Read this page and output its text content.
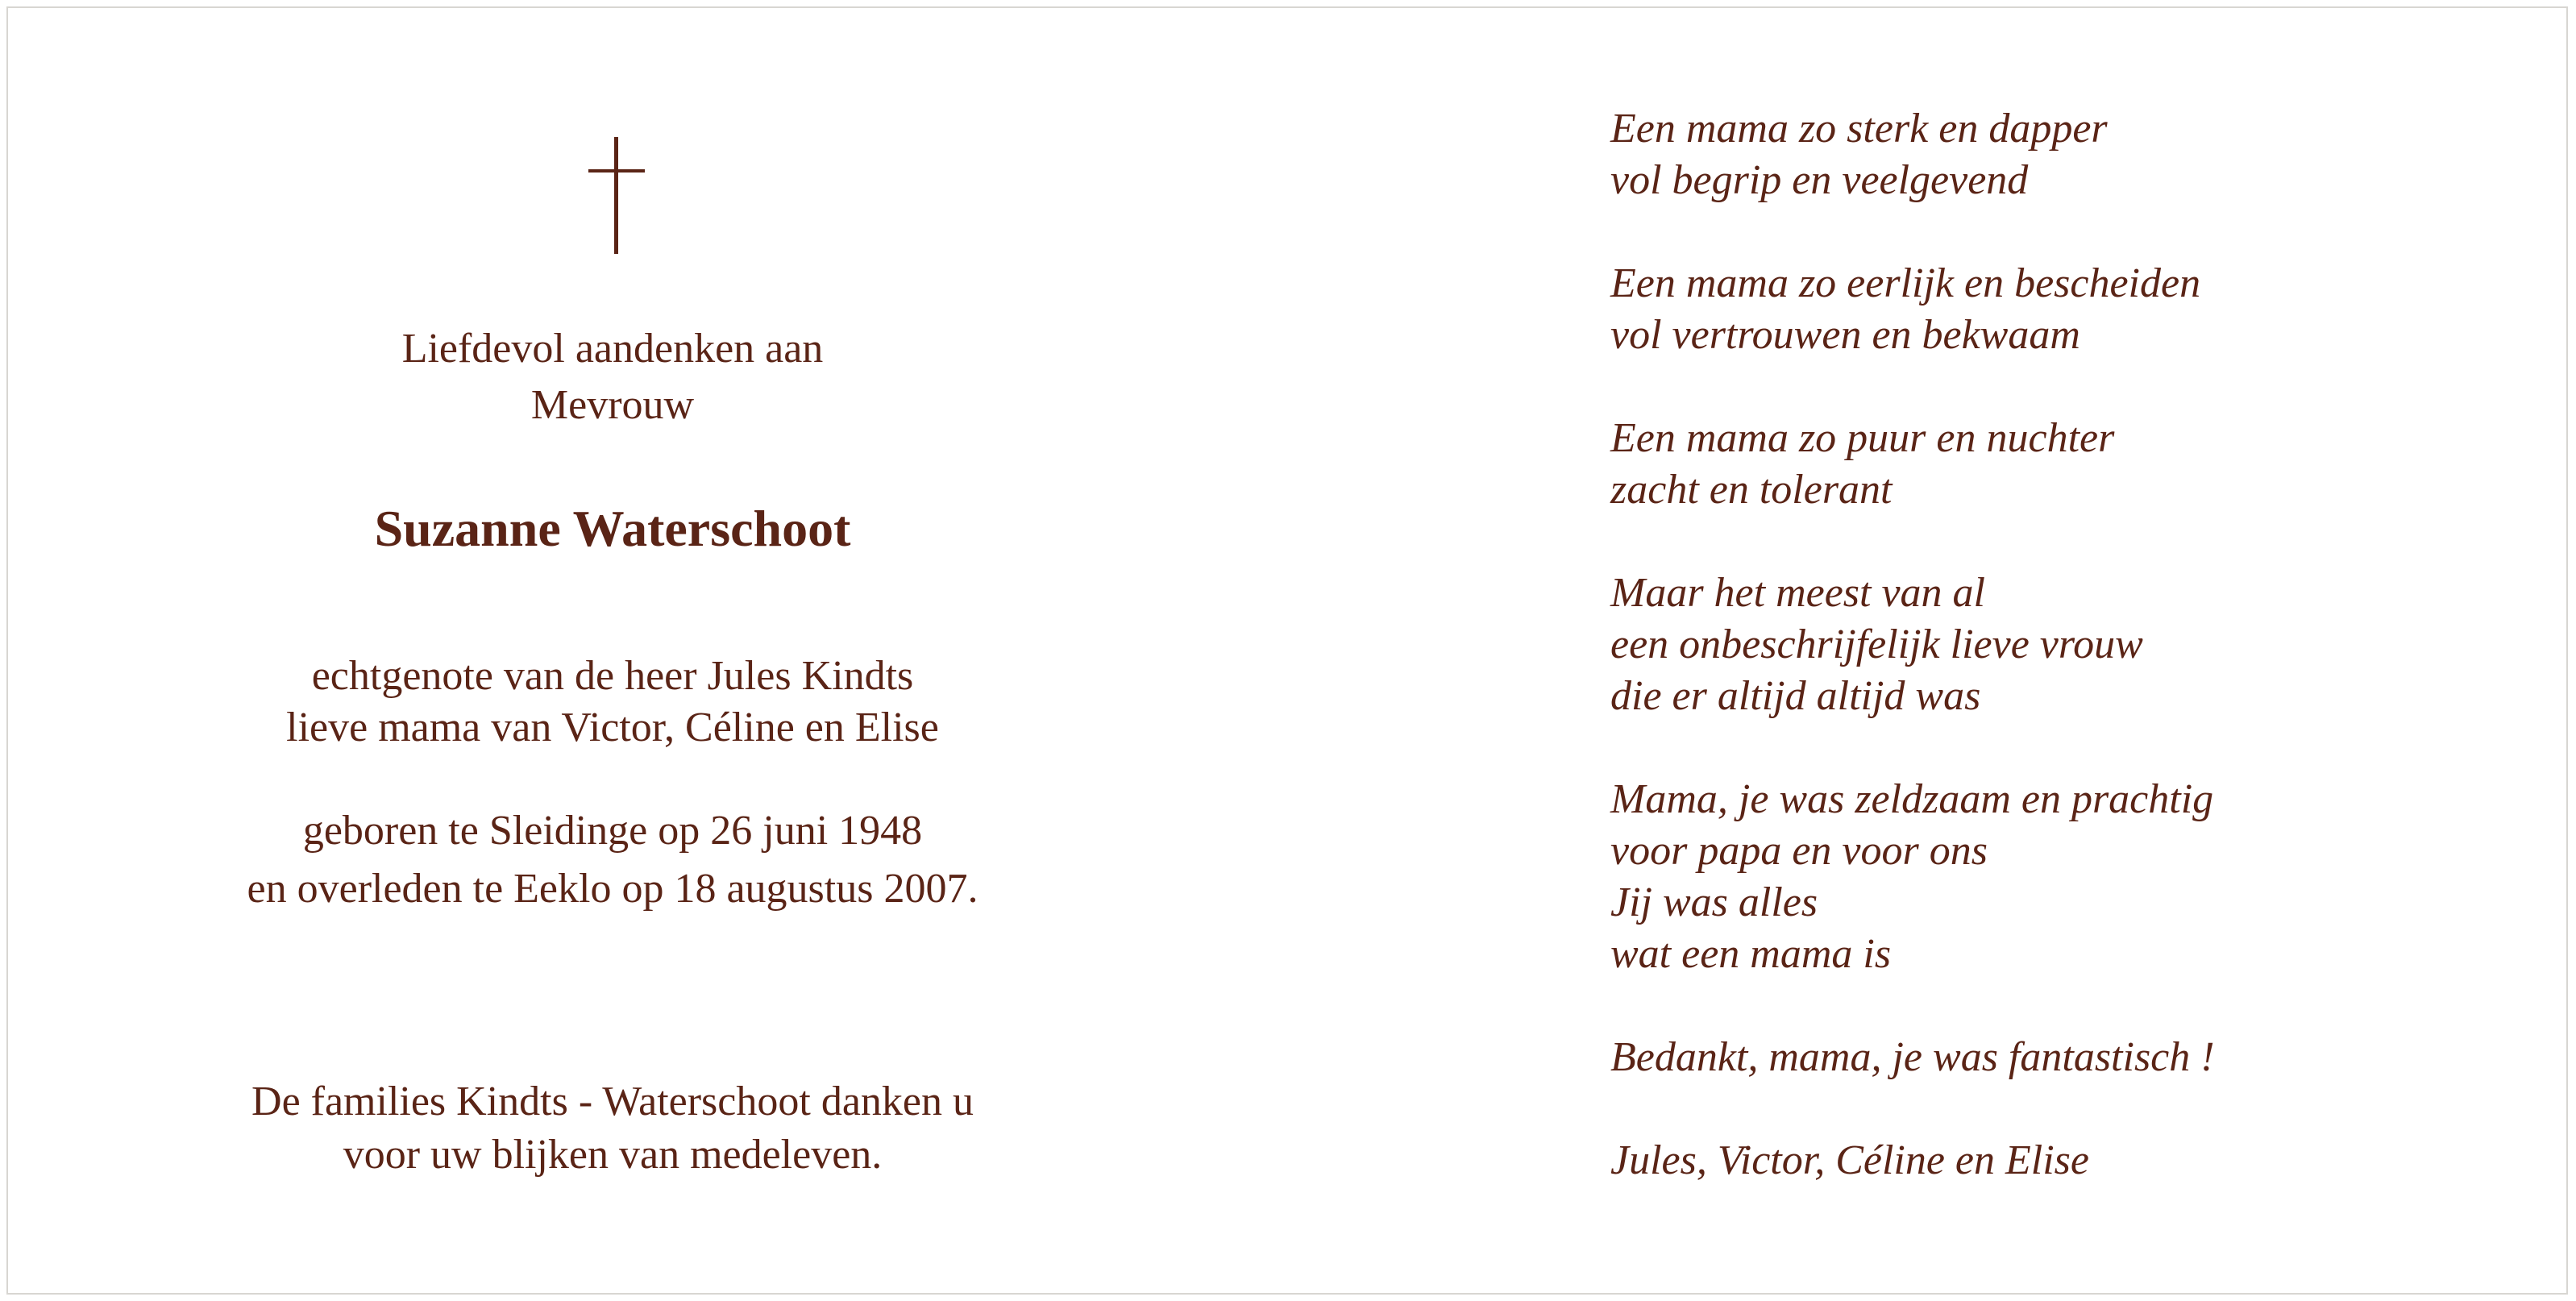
Liefdevol aandenken aan
Mevrouw
Suzanne Waterschoot
echtgenote van de heer Jules Kindts
lieve mama van Victor, Céline en Elise
geboren te Sleidinge op 26 juni 1948
en overleden te Eeklo op 18 augustus 2007.
De families Kindts - Waterschoot danken u
voor uw blijken van medeleven.
Een mama zo sterk en dapper
vol begrip en veelgevend
Een mama zo eerlijk en bescheiden
vol vertrouwen en bekwaam
Een mama zo puur en nuchter
zacht en tolerant
Maar het meest van al
een onbeschrijfelijk lieve vrouw
die er altijd altijd was
Mama, je was zeldzaam en prachtig
voor papa en voor ons
Jij was alles
wat een mama is
Bedankt, mama, je was fantastisch !
Jules, Victor, Céline en Elise
